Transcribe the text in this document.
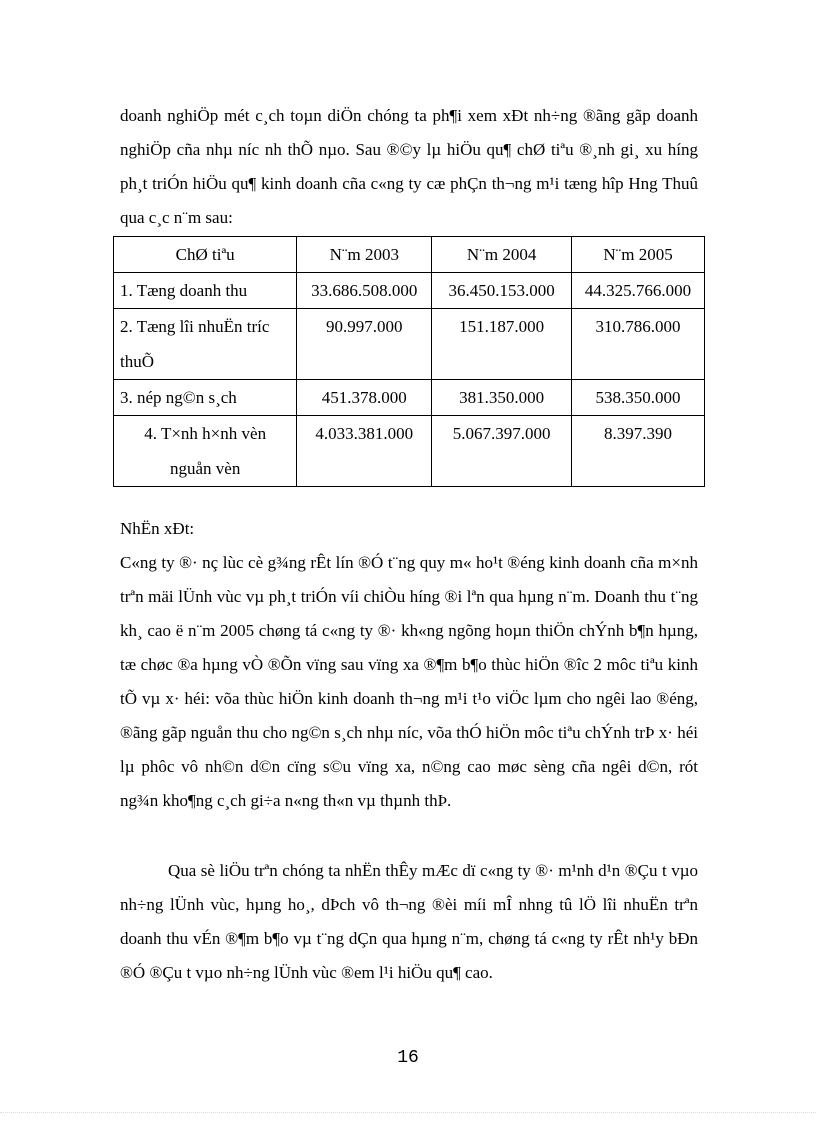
doanh nghiÖp mét c¸ch toµn diÖn chóng ta ph¶i xem xÐt nh÷ng ®ãng gãp doanh nghiÖp cña nhµ níc nh thÕ nµo. Sau ®©y lµ hiÖu qu¶ chØ tiªu ®¸nh gi¸ xu híng ph¸t triÓn hiÖu qu¶ kinh doanh cña c«ng ty cæ phÇn th¬ng m¹i tæng hîp Hng Thuû qua c¸c n¨m sau:

ChØ tiªu	N¨m 2003	N¨m 2004	N¨m 2005
1. Tæng doanh thu	33.686.508.000	36.450.153.000	44.325.766.000
2. Tæng lîi nhuËn tríc thuÕ	90.997.000	151.187.000	310.786.000
3. nép ng©n s¸ch	451.378.000	381.350.000	538.350.000
4. T×nh h×nh vèn nguån vèn	4.033.381.000	5.067.397.000	8.397.390

NhËn xÐt:

C«ng ty ®· nç lùc cè g¾ng rÊt lín ®Ó t¨ng quy m« ho¹t ®éng kinh doanh cña m×nh trªn mäi lÜnh vùc vµ ph¸t triÓn víi chiÒu híng ®i lªn qua hµng n¨m. Doanh thu t¨ng kh¸ cao ë n¨m 2005 chøng tá c«ng ty ®· kh«ng ngõng hoµn thiÖn chÝnh b¶n hµng, tæ chøc ®a hµng vÒ ®Õn vïng sau vïng xa ®¶m b¶o thùc hiÖn ®îc 2 môc tiªu kinh tÕ vµ x· héi: võa thùc hiÖn kinh doanh th¬ng m¹i t¹o viÖc lµm cho ngêi lao ®éng, ®ãng gãp nguån thu cho ng©n s¸ch nhµ níc, võa thÓ hiÖn môc tiªu chÝnh trÞ x· héi lµ phôc vô nh©n d©n cïng s©u vïng xa, n©ng cao møc sèng cña ngêi d©n, rót ng¾n kho¶ng c¸ch gi÷a n«ng th«n vµ thµnh thÞ.

Qua sè liÖu trªn chóng ta nhËn thÊy mÆc dï c«ng ty ®· m¹nh d¹n ®Çu t vµo nh÷ng lÜnh vùc, hµng ho¸, dÞch vô th¬ng ®èi míi mÎ nhng tû lÖ lîi nhuËn trªn doanh thu vÉn ®¶m b¶o vµ t¨ng dÇn qua hµng n¨m, chøng tá c«ng ty rÊt nh¹y bÐn ®Ó ®Çu t vµo nh÷ng lÜnh vùc ®em l¹i hiÖu qu¶ cao.

16
